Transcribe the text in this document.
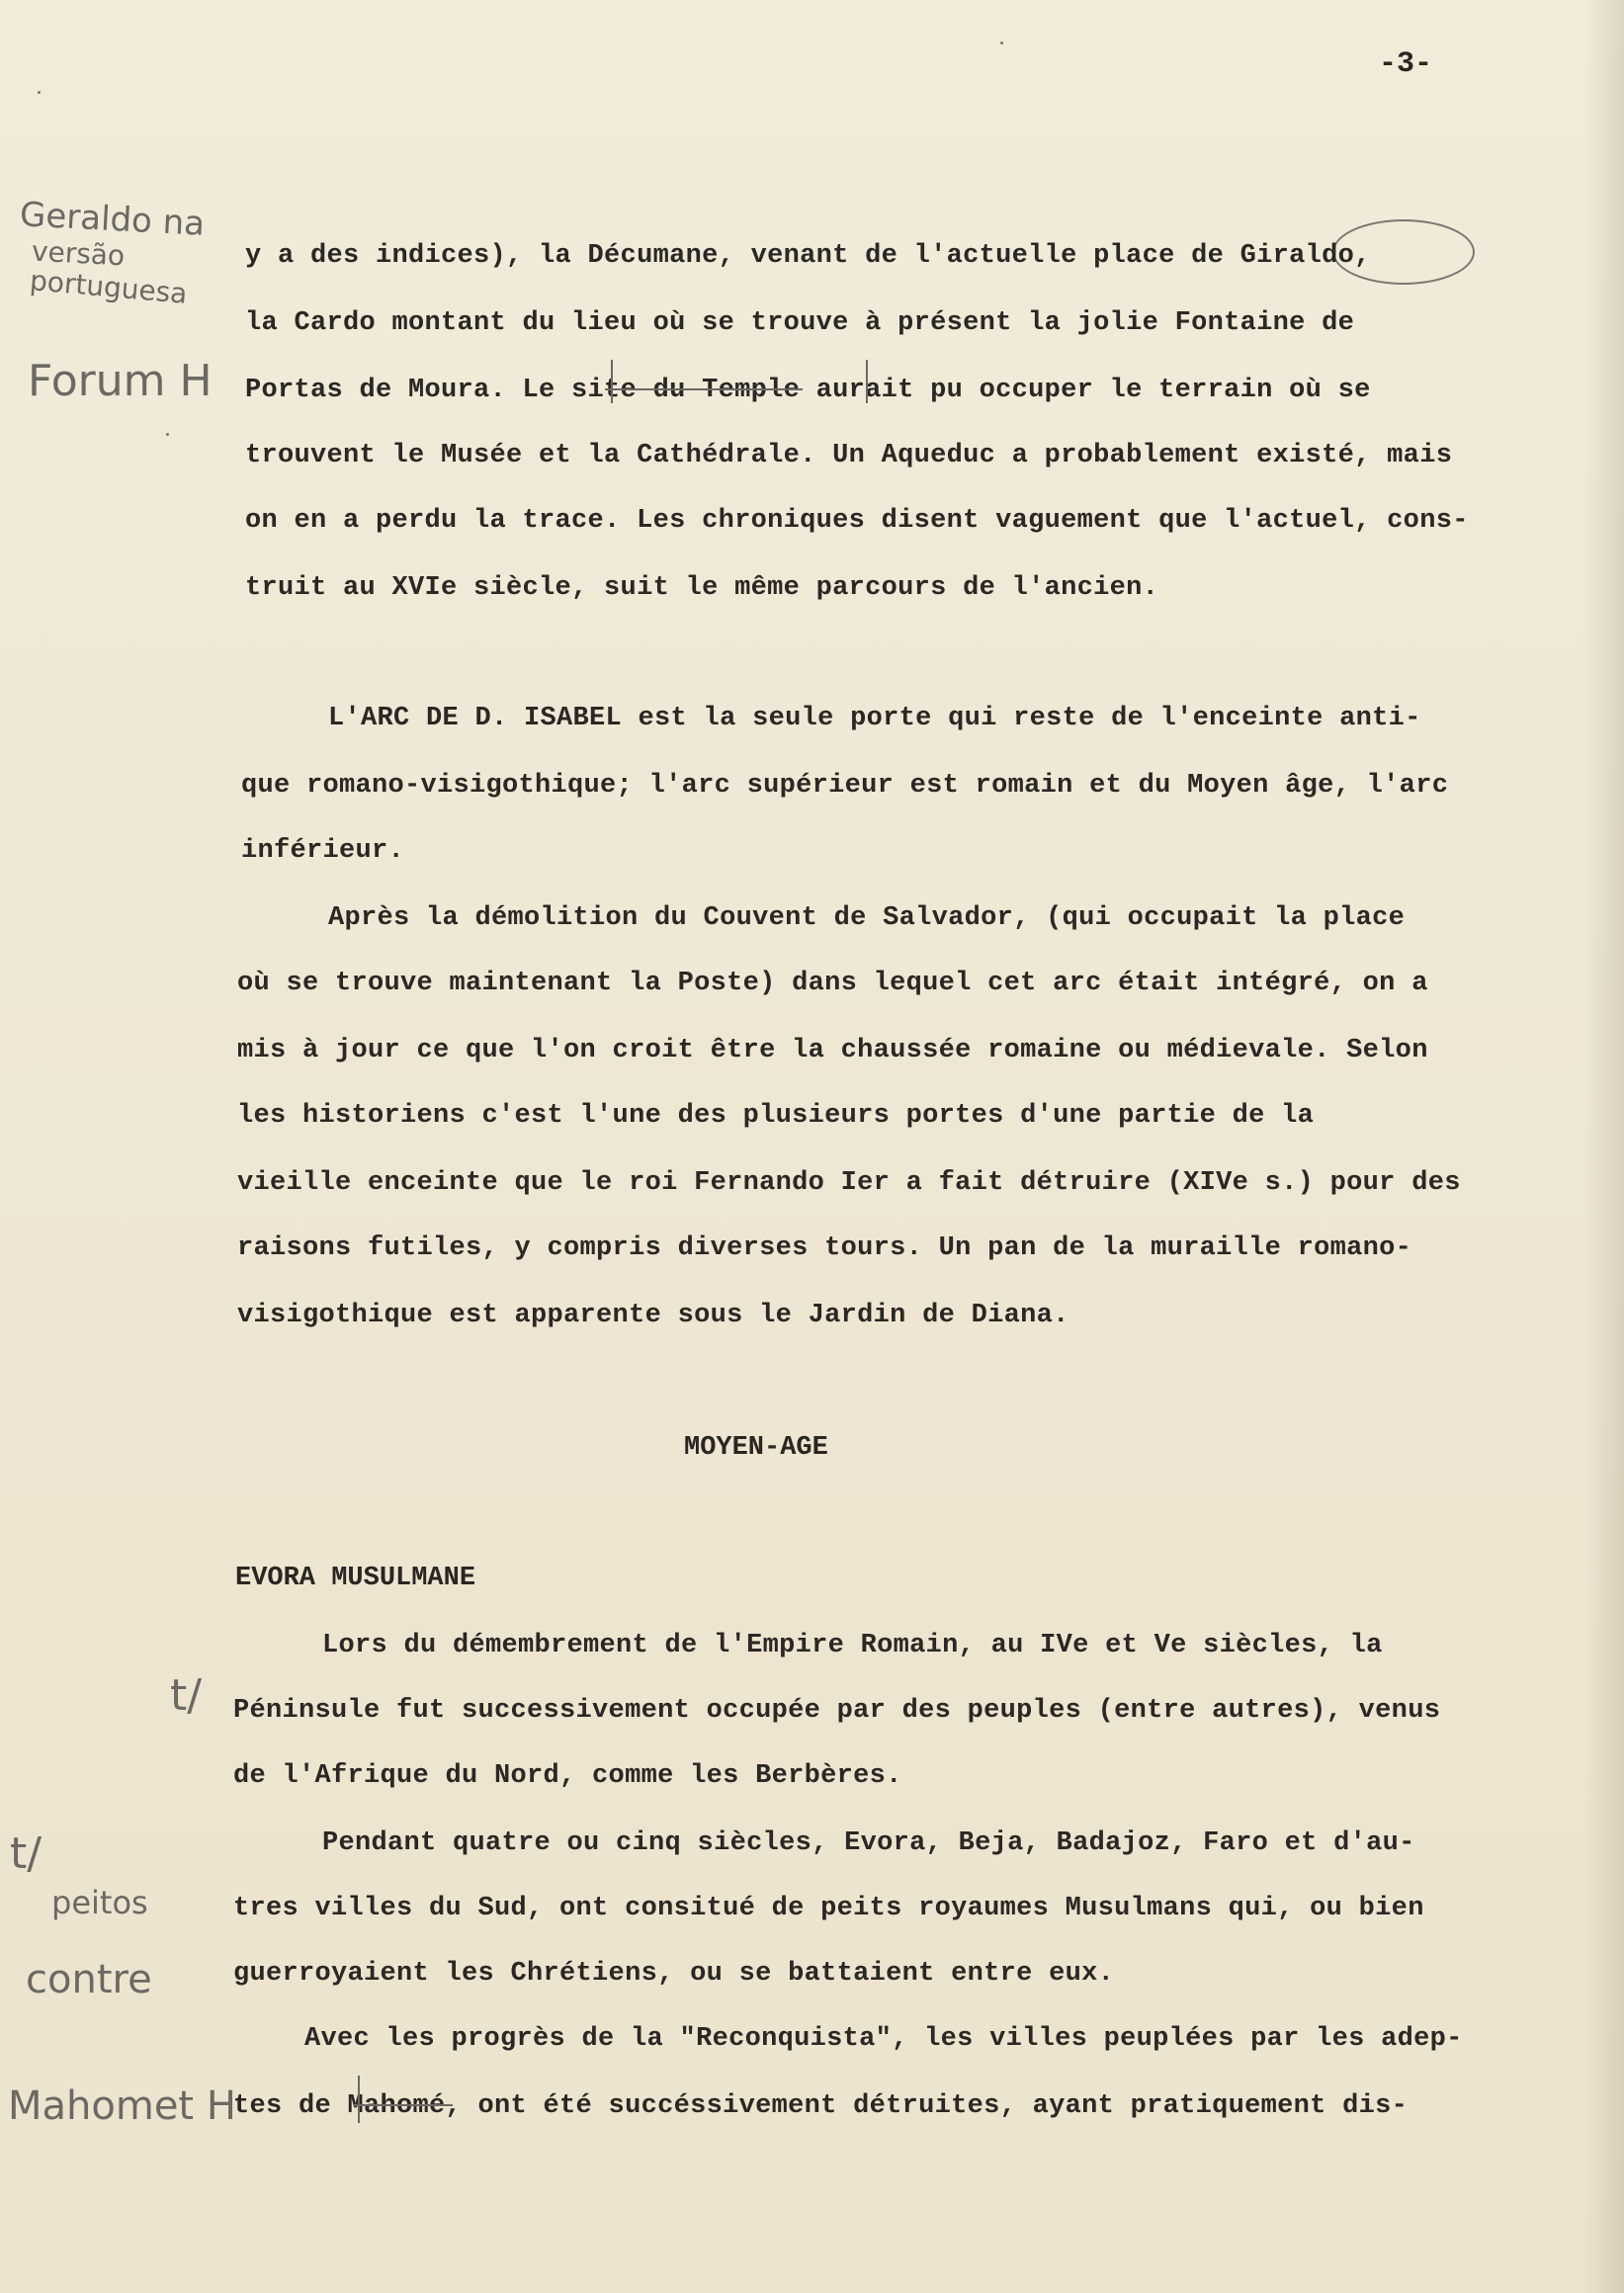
-3-
Geraldo na
versão
portuguesa
Forum H
t/
t/
peitos
contre
Mahomet H
y a des indices), la Décumane, venant de l'actuelle place de Giraldo,
la Cardo montant du lieu où se trouve à présent la jolie Fontaine de
Portas de Moura. Le site du Temple aurait pu occuper le terrain où se
trouvent le Musée et la Cathédrale. Un Aqueduc a probablement existé, mais
on en a perdu la trace. Les chroniques disent vaguement que l'actuel, cons-
truit au XVIe siècle, suit le même parcours de l'ancien.
L'ARC DE D. ISABEL est la seule porte qui reste de l'enceinte anti-
que romano-visigothique; l'arc supérieur est romain et du Moyen âge, l'arc
inférieur.
Après la démolition du Couvent de Salvador, (qui occupait la place
où se trouve maintenant la Poste) dans lequel cet arc était intégré, on a
mis à jour ce que l'on croit être la chaussée romaine ou médievale. Selon
les historiens c'est l'une des plusieurs portes d'une partie de la
vieille enceinte que le roi Fernando Ier a fait détruire (XIVe s.) pour des
raisons futiles, y compris diverses tours. Un pan de la muraille romano-
visigothique est apparente sous le Jardin de Diana.
MOYEN-AGE
EVORA MUSULMANE
Lors du démembrement de l'Empire Romain, au IVe et Ve siècles, la
Péninsule fut successivement occupée par des peuples (entre autres), venus
de l'Afrique du Nord, comme les Berbères.
Pendant quatre ou cinq siècles, Evora, Beja, Badajoz, Faro et d'au-
tres villes du Sud, ont consitué de peits royaumes Musulmans qui, ou bien
guerroyaient les Chrétiens, ou se battaient entre eux.
Avec les progrès de la "Reconquista", les villes peuplées par les adep-
tes de Mahomé, ont été succéssivement détruites, ayant pratiquement dis-
